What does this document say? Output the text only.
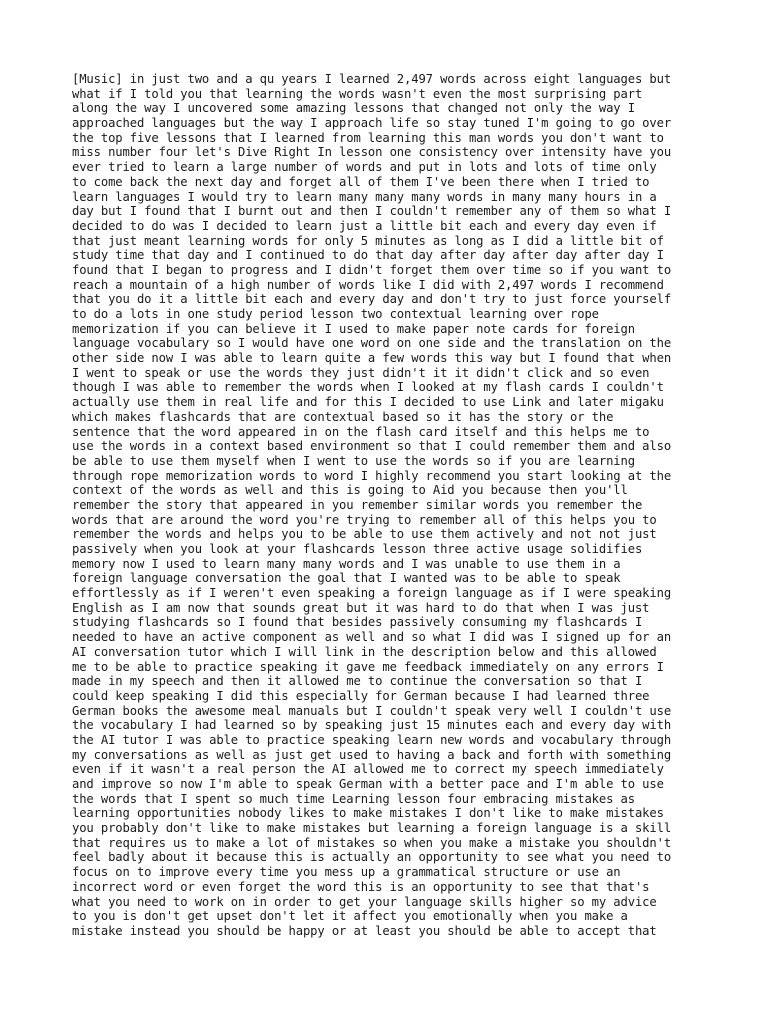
[Music] in just two and a qu years I learned 2,497 words across eight languages but
what if I told you that learning the words wasn't even the most surprising part
along the way I uncovered some amazing lessons that changed not only the way I
approached languages but the way I approach life so stay tuned I'm going to go over
the top five lessons that I learned from learning this man words you don't want to
miss number four let's Dive Right In lesson one consistency over intensity have you
ever tried to learn a large number of words and put in lots and lots of time only
to come back the next day and forget all of them I've been there when I tried to
learn languages I would try to learn many many many words in many many hours in a
day but I found that I burnt out and then I couldn't remember any of them so what I
decided to do was I decided to learn just a little bit each and every day even if
that just meant learning words for only 5 minutes as long as I did a little bit of
study time that day and I continued to do that day after day after day after day I
found that I began to progress and I didn't forget them over time so if you want to
reach a mountain of a high number of words like I did with 2,497 words I recommend
that you do it a little bit each and every day and don't try to just force yourself
to do a lots in one study period lesson two contextual learning over rope
memorization if you can believe it I used to make paper note cards for foreign
language vocabulary so I would have one word on one side and the translation on the
other side now I was able to learn quite a few words this way but I found that when
I went to speak or use the words they just didn't it it didn't click and so even
though I was able to remember the words when I looked at my flash cards I couldn't
actually use them in real life and for this I decided to use Link and later migaku
which makes flashcards that are contextual based so it has the story or the
sentence that the word appeared in on the flash card itself and this helps me to
use the words in a context based environment so that I could remember them and also
be able to use them myself when I went to use the words so if you are learning
through rope memorization words to word I highly recommend you start looking at the
context of the words as well and this is going to Aid you because then you'll
remember the story that appeared in you remember similar words you remember the
words that are around the word you're trying to remember all of this helps you to
remember the words and helps you to be able to use them actively and not not just
passively when you look at your flashcards lesson three active usage solidifies
memory now I used to learn many many words and I was unable to use them in a
foreign language conversation the goal that I wanted was to be able to speak
effortlessly as if I weren't even speaking a foreign language as if I were speaking
English as I am now that sounds great but it was hard to do that when I was just
studying flashcards so I found that besides passively consuming my flashcards I
needed to have an active component as well and so what I did was I signed up for an
AI conversation tutor which I will link in the description below and this allowed
me to be able to practice speaking it gave me feedback immediately on any errors I
made in my speech and then it allowed me to continue the conversation so that I
could keep speaking I did this especially for German because I had learned three
German books the awesome meal manuals but I couldn't speak very well I couldn't use
the vocabulary I had learned so by speaking just 15 minutes each and every day with
the AI tutor I was able to practice speaking learn new words and vocabulary through
my conversations as well as just get used to having a back and forth with something
even if it wasn't a real person the AI allowed me to correct my speech immediately
and improve so now I'm able to speak German with a better pace and I'm able to use
the words that I spent so much time Learning lesson four embracing mistakes as
learning opportunities nobody likes to make mistakes I don't like to make mistakes
you probably don't like to make mistakes but learning a foreign language is a skill
that requires us to make a lot of mistakes so when you make a mistake you shouldn't
feel badly about it because this is actually an opportunity to see what you need to
focus on to improve every time you mess up a grammatical structure or use an
incorrect word or even forget the word this is an opportunity to see that that's
what you need to work on in order to get your language skills higher so my advice
to you is don't get upset don't let it affect you emotionally when you make a
mistake instead you should be happy or at least you should be able to accept that
